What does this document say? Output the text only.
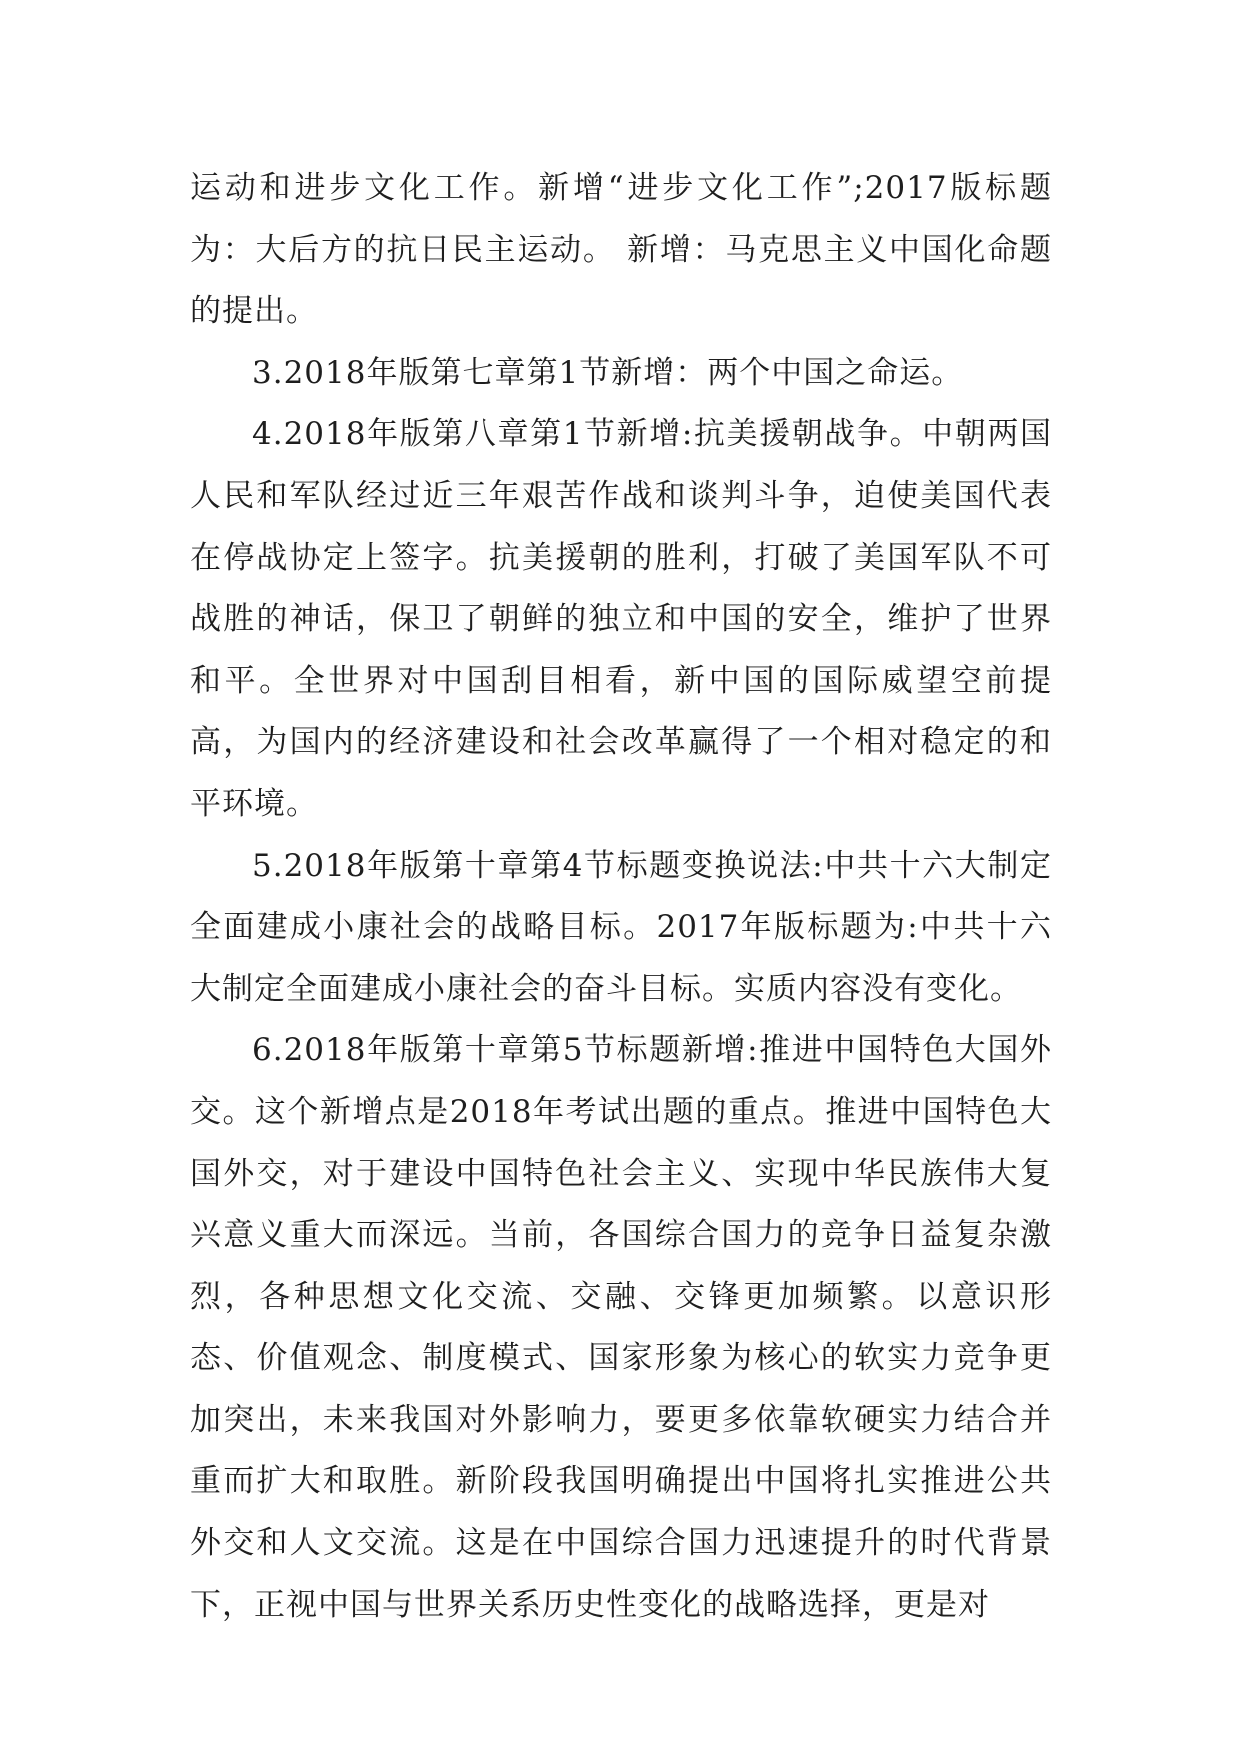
运动和进步文化工作。新增“进步文化工作”;2017版标题为：大后方的抗日民主运动。 新增：马克思主义中国化命题的提出。

3.2018年版第七章第1节新增：两个中国之命运。

4.2018年版第八章第1节新增:抗美援朝战争。中朝两国人民和军队经过近三年艰苦作战和谈判斗争，迫使美国代表在停战协定上签字。抗美援朝的胜利，打破了美国军队不可战胜的神话，保卫了朝鲜的独立和中国的安全，维护了世界和平。全世界对中国刮目相看，新中国的国际威望空前提高，为国内的经济建设和社会改革赢得了一个相对稳定的和平环境。

5.2018年版第十章第4节标题变换说法:中共十六大制定全面建成小康社会的战略目标。2017年版标题为:中共十六大制定全面建成小康社会的奋斗目标。实质内容没有变化。

6.2018年版第十章第5节标题新增:推进中国特色大国外交。这个新增点是2018年考试出题的重点。推进中国特色大国外交，对于建设中国特色社会主义、实现中华民族伟大复兴意义重大而深远。当前，各国综合国力的竞争日益复杂激烈，各种思想文化交流、交融、交锋更加频繁。以意识形态、价值观念、制度模式、国家形象为核心的软实力竞争更加突出，未来我国对外影响力，要更多依靠软硬实力结合并重而扩大和取胜。新阶段我国明确提出中国将扎实推进公共外交和人文交流。这是在中国综合国力迅速提升的时代背景下，正视中国与世界关系历史性变化的战略选择，更是对
